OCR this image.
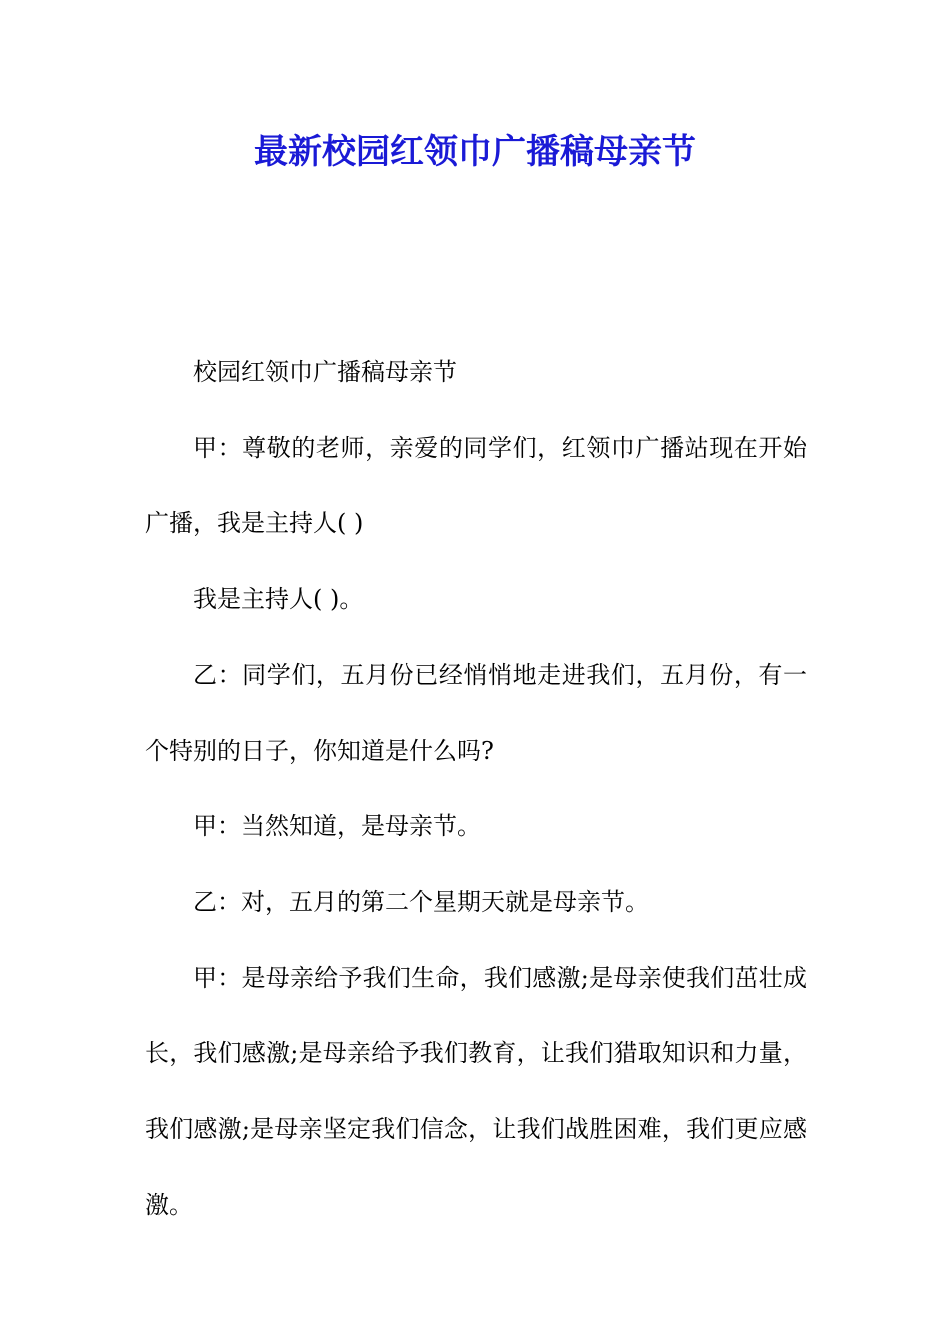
最新校园红领巾广播稿母亲节

校园红领巾广播稿母亲节

甲：尊敬的老师，亲爱的同学们，红领巾广播站现在开始广播，我是主持人( )

我是主持人( )。

乙：同学们，五月份已经悄悄地走进我们，五月份，有一个特别的日子，你知道是什么吗?

甲：当然知道，是母亲节。

乙：对，五月的第二个星期天就是母亲节。

甲：是母亲给予我们生命，我们感激;是母亲使我们茁壮成长，我们感激;是母亲给予我们教育，让我们猎取知识和力量，我们感激;是母亲坚定我们信念，让我们战胜困难，我们更应感激。
